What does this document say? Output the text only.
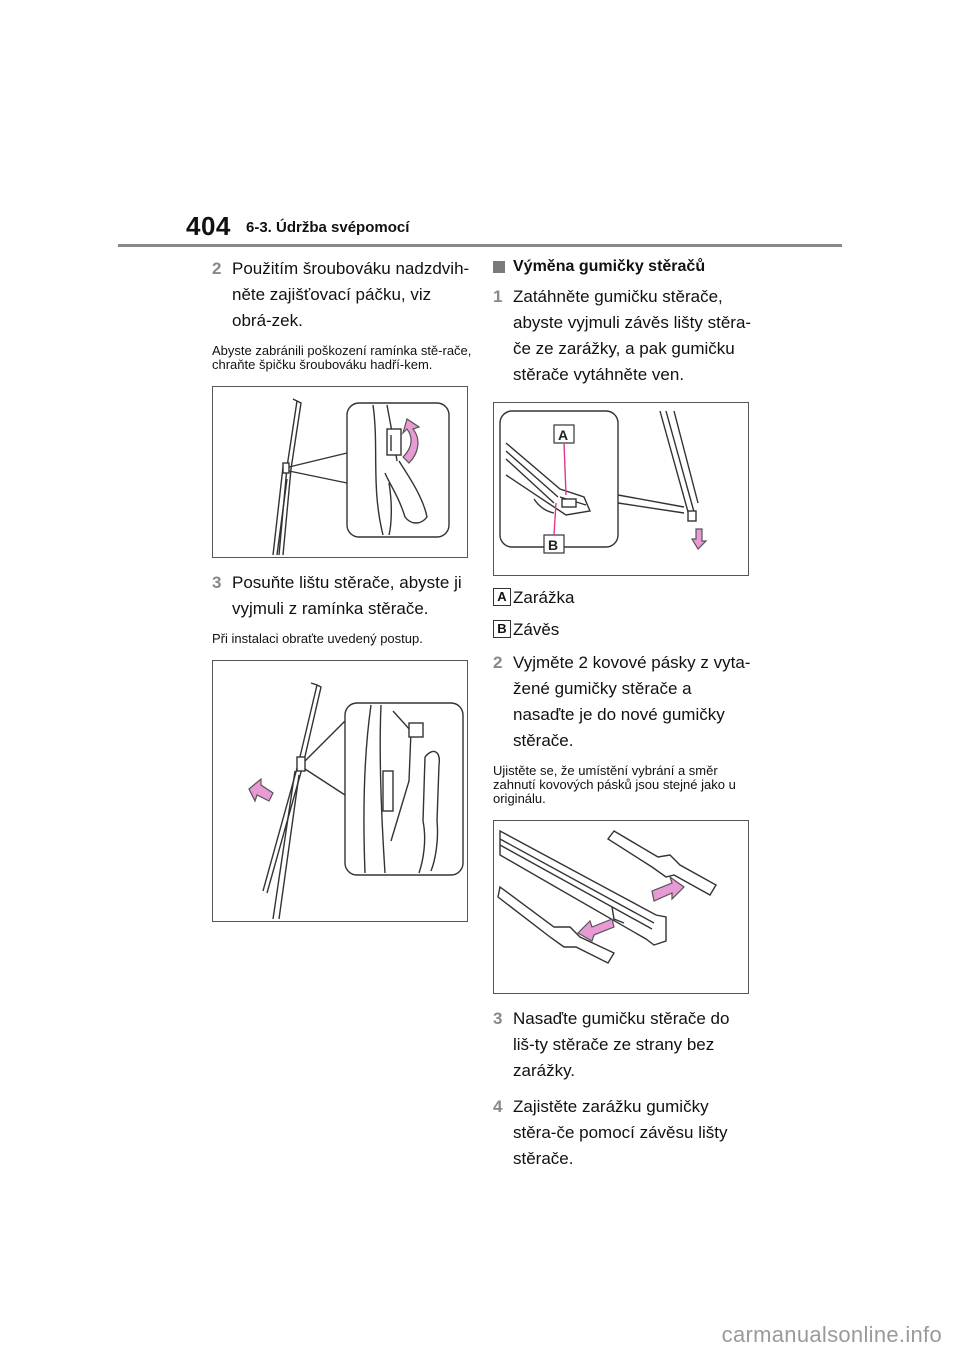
404 6-3. Údržba svépomocí
2 Použitím šroubováku nadzdvih-něte zajišťovací páčku, viz obrá-zek.
Abyste zabránili poškození ramínka stě-rače, chraňte špičku šroubováku hadří-kem.
3 Posuňte lištu stěrače, abyste ji vyjmuli z ramínka stěrače.
Při instalaci obraťte uvedený postup.
Výměna gumičky stěračů
1 Zatáhněte gumičku stěrače, abyste vyjmuli závěs lišty stěra-če ze zarážky, a pak gumičku stěrače vytáhněte ven.
A
B
A Zarážka
B Závěs
2 Vyjměte 2 kovové pásky z vyta-žené gumičky stěrače a nasaďte je do nové gumičky stěrače.
Ujistěte se, že umístění vybrání a směr zahnutí kovových pásků jsou stejné jako u originálu.
3 Nasaďte gumičku stěrače do liš-ty stěrače ze strany bez zarážky.
4 Zajistěte zarážku gumičky stěra-če pomocí závěsu lišty stěrače.
carmanualsonline.info
